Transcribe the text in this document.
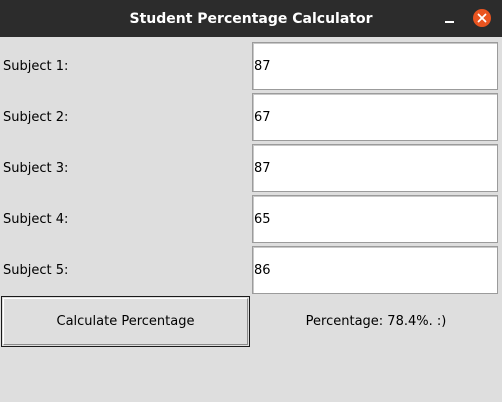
Student Percentage Calculator
Subject 1:
87
Subject 2:
67
Subject 3:
87
Subject 4:
65
Subject 5:
86
Calculate Percentage	Percentage: 78.4%. :)
